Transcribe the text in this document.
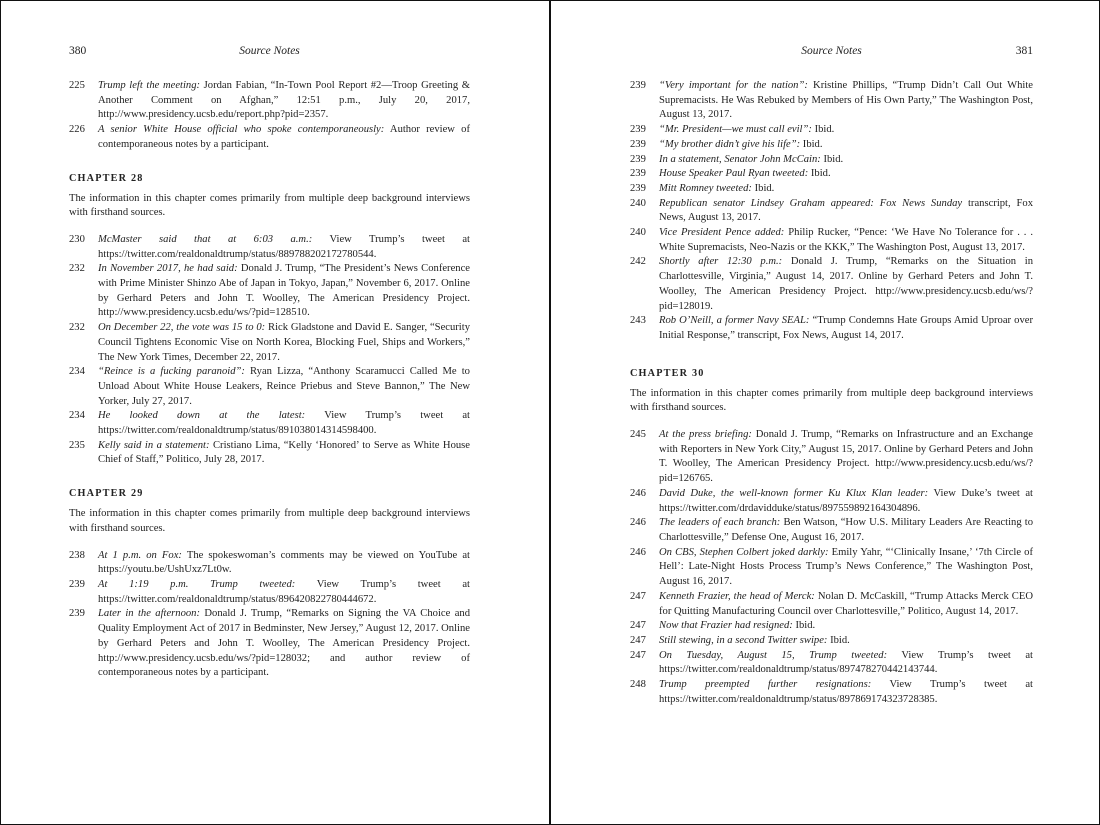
380	Source Notes
225	Trump left the meeting: Jordan Fabian, “In-Town Pool Report #2—Troop Greeting & Another Comment on Afghan,” 12:51 p.m., July 20, 2017, http://www.presidency.ucsb.edu/report.php?pid=2357.
226	A senior White House official who spoke contemporaneously: Author review of contemporaneous notes by a participant.
CHAPTER 28
The information in this chapter comes primarily from multiple deep background interviews with firsthand sources.
230	McMaster said that at 6:03 a.m.: View Trump’s tweet at https://twitter.com/realdonaldtrump/status/889788202172780544.
232	In November 2017, he had said: Donald J. Trump, “The President’s News Conference with Prime Minister Shinzo Abe of Japan in Tokyo, Japan,” November 6, 2017. Online by Gerhard Peters and John T. Woolley, The American Presidency Project. http://www.presidency.ucsb.edu/ws/?pid=128510.
232	On December 22, the vote was 15 to 0: Rick Gladstone and David E. Sanger, “Security Council Tightens Economic Vise on North Korea, Blocking Fuel, Ships and Workers,” The New York Times, December 22, 2017.
234	“Reince is a fucking paranoid”: Ryan Lizza, “Anthony Scaramucci Called Me to Unload About White House Leakers, Reince Priebus and Steve Bannon,” The New Yorker, July 27, 2017.
234	He looked down at the latest: View Trump’s tweet at https://twitter.com/realdonaldtrump/status/891038014314598400.
235	Kelly said in a statement: Cristiano Lima, “Kelly ‘Honored’ to Serve as White House Chief of Staff,” Politico, July 28, 2017.
CHAPTER 29
The information in this chapter comes primarily from multiple deep background interviews with firsthand sources.
238	At 1 p.m. on Fox: The spokeswoman’s comments may be viewed on YouTube at https://youtu.be/UshUxz7Lt0w.
239	At 1:19 p.m. Trump tweeted: View Trump’s tweet at https://twitter.com/realdonaldtrump/status/896420822780444672.
239	Later in the afternoon: Donald J. Trump, “Remarks on Signing the VA Choice and Quality Employment Act of 2017 in Bedminster, New Jersey,” August 12, 2017. Online by Gerhard Peters and John T. Woolley, The American Presidency Project. http://www.presidency.ucsb.edu/ws/?pid=128032; and author review of contemporaneous notes by a participant.
Source Notes	381
239	“Very important for the nation”: Kristine Phillips, “Trump Didn’t Call Out White Supremacists. He Was Rebuked by Members of His Own Party,” The Washington Post, August 13, 2017.
239	“Mr. President—we must call evil”: Ibid.
239	“My brother didn’t give his life”: Ibid.
239	In a statement, Senator John McCain: Ibid.
239	House Speaker Paul Ryan tweeted: Ibid.
239	Mitt Romney tweeted: Ibid.
240	Republican senator Lindsey Graham appeared: Fox News Sunday transcript, Fox News, August 13, 2017.
240	Vice President Pence added: Philip Rucker, “Pence: ‘We Have No Tolerance for . . . White Supremacists, Neo-Nazis or the KKK,” The Washington Post, August 13, 2017.
242	Shortly after 12:30 p.m.: Donald J. Trump, “Remarks on the Situation in Charlottesville, Virginia,” August 14, 2017. Online by Gerhard Peters and John T. Woolley, The American Presidency Project. http://www.presidency.ucsb.edu/ws/?pid=128019.
243	Rob O’Neill, a former Navy SEAL: “Trump Condemns Hate Groups Amid Uproar over Initial Response,” transcript, Fox News, August 14, 2017.
CHAPTER 30
The information in this chapter comes primarily from multiple deep background interviews with firsthand sources.
245	At the press briefing: Donald J. Trump, “Remarks on Infrastructure and an Exchange with Reporters in New York City,” August 15, 2017. Online by Gerhard Peters and John T. Woolley, The American Presidency Project. http://www.presidency.ucsb.edu/ws/?pid=126765.
246	David Duke, the well-known former Ku Klux Klan leader: View Duke’s tweet at https://twitter.com/drdavidduke/status/897559892164304896.
246	The leaders of each branch: Ben Watson, “How U.S. Military Leaders Are Reacting to Charlottesville,” Defense One, August 16, 2017.
246	On CBS, Stephen Colbert joked darkly: Emily Yahr, “‘Clinically Insane,’ ‘7th Circle of Hell’: Late-Night Hosts Process Trump’s News Conference,” The Washington Post, August 16, 2017.
247	Kenneth Frazier, the head of Merck: Nolan D. McCaskill, “Trump Attacks Merck CEO for Quitting Manufacturing Council over Charlottesville,” Politico, August 14, 2017.
247	Now that Frazier had resigned: Ibid.
247	Still stewing, in a second Twitter swipe: Ibid.
247	On Tuesday, August 15, Trump tweeted: View Trump’s tweet at https://twitter.com/realdonaldtrump/status/897478270442143744.
248	Trump preempted further resignations: View Trump’s tweet at https://twitter.com/realdonaldtrump/status/897869174323728385.
